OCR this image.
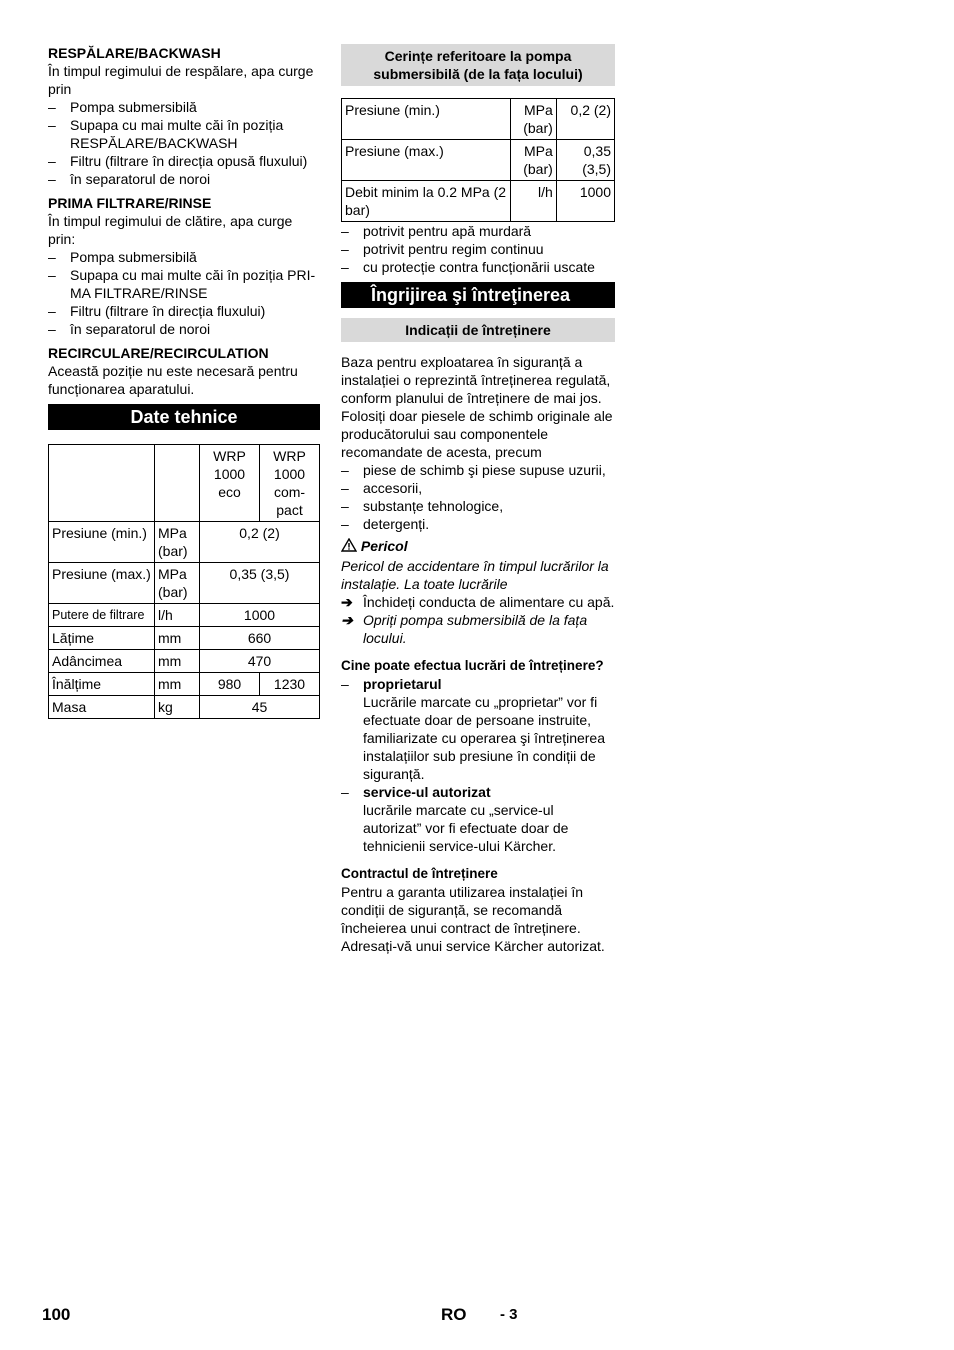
RESPĂLARE/BACKWASH

În timpul regimului de respălare, apa curge prin

– Pompa submersibilă
– Supapa cu mai multe căi în poziția RESPĂLARE/BACKWASH
– Filtru (filtrare în direcția opusă fluxului)
– în separatorul de noroi
PRIMA FILTRARE/RINSE

În timpul regimului de clătire, apa curge prin:

– Pompa submersibilă
– Supapa cu mai multe căi în poziția PRI-MA FILTRARE/RINSE
– Filtru (filtrare în direcția fluxului)
– în separatorul de noroi
RECIRCULARE/RECIRCULATION

Această poziție nu este necesară pentru funcționarea aparatului.

Date tehnice
		WRP 1000 eco	WRP 1000 com-pact
Presiune (min.)	MPa (bar)	0,2 (2)	
Presiune (max.)	MPa (bar)	0,35 (3,5)	
Putere de filtrare	l/h	1000	
Lățime	mm	660	
Adâncimea	mm	470	
Înălțime	mm	980	1230
Masa	kg	45	
Cerințe referitoare la pompa submersibilă (de la fața locului)
Presiune (min.)	MPa (bar)	0,2 (2)
Presiune (max.)	MPa (bar)	0,35 (3,5)
Debit minim la 0.2 MPa (2 bar)	l/h	1000
– potrivit pentru apă murdară
– potrivit pentru regim continuu
– cu protecție contra funcționării uscate
Îngrijirea şi întreţinerea
Indicații de întreținere

Baza pentru exploatarea în siguranță a instalației o reprezintă întreținerea regulată, conform planului de întreținere de mai jos. Folosiți doar piesele de schimb originale ale producătorului sau componentele recomandate de acesta, precum

– piese de schimb şi piese supuse uzurii,
– accesorii,
– substanțe tehnologice,
– detergenți.
Pericol

Pericol de accidentare în timpul lucrărilor la instalație. La toate lucrările

➔ Închideți conducta de alimentare cu apă.
➔ Opriți pompa submersibilă de la fața locului.
Cine poate efectua lucrări de întreținere?
– proprietarul

Lucrările marcate cu „proprietar” vor fi efectuate doar de persoane instruite, familiarizate cu operarea şi întreținerea instalațiilor sub presiune în condiții de siguranță.

– service-ul autorizat

lucrările marcate cu „service-ul autorizat” vor fi efectuate doar de tehnicienii service-ului Kärcher.

Contractul de întreținere

Pentru a garanta utilizarea instalației în condiții de siguranță, se recomandă încheierea unui contract de întreținere. Adresați-vă unui service Kärcher autorizat.

100	RO - 3
